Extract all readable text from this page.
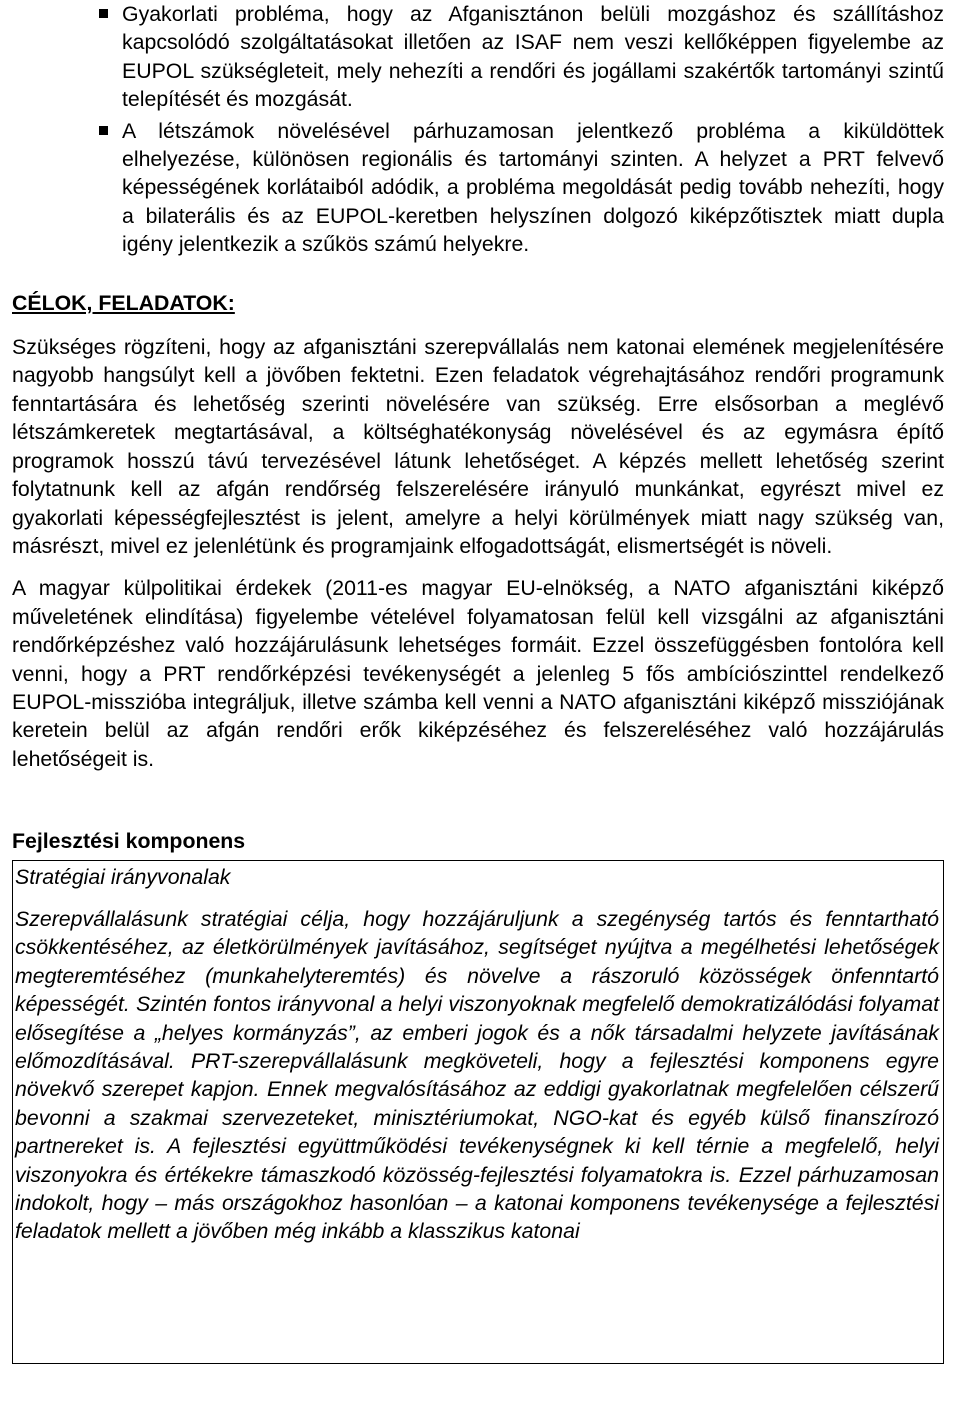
Gyakorlati probléma, hogy az Afganisztánon belüli mozgáshoz és szállításhoz kapcsolódó szolgáltatásokat illetően az ISAF nem veszi kellőképpen figyelembe az EUPOL szükségleteit, mely nehezíti a rendőri és jogállami szakértők tartományi szintű telepítését és mozgását.
A létszámok növelésével párhuzamosan jelentkező probléma a kiküldöttek elhelyezése, különösen regionális és tartományi szinten. A helyzet a PRT felvevő képességének korlátaiból adódik, a probléma megoldását pedig tovább nehezíti, hogy a bilaterális és az EUPOL-keretben helyszínen dolgozó kiképzőtisztek miatt dupla igény jelentkezik a szűkös számú helyekre.

CÉLOK, FELADATOK:

Szükséges rögzíteni, hogy az afganisztáni szerepvállalás nem katonai elemének megjelenítésére nagyobb hangsúlyt kell a jövőben fektetni. Ezen feladatok végrehajtásához rendőri programunk fenntartására és lehetőség szerinti növelésére van szükség. Erre elsősorban a meglévő létszámkeretek megtartásával, a költséghatékonyság növelésével és az egymásra építő programok hosszú távú tervezésével látunk lehetőséget. A képzés mellett lehetőség szerint folytatnunk kell az afgán rendőrség felszerelésére irányuló munkánkat, egyrészt mivel ez gyakorlati képességfejlesztést is jelent, amelyre a helyi körülmények miatt nagy szükség van, másrészt, mivel ez jelenlétünk és programjaink elfogadottságát, elismertségét is növeli.

A magyar külpolitikai érdekek (2011-es magyar EU-elnökség, a NATO afganisztáni kiképző műveletének elindítása) figyelembe vételével folyamatosan felül kell vizsgálni az afganisztáni rendőrképzéshez való hozzájárulásunk lehetséges formáit. Ezzel összefüggésben fontolóra kell venni, hogy a PRT rendőrképzési tevékenységét a jelenleg 5 fős ambíciószinttel rendelkező EUPOL-misszióba integráljuk, illetve számba kell venni a NATO afganisztáni kiképző missziójának keretein belül az afgán rendőri erők kiképzéséhez és felszereléséhez való hozzájárulás lehetőségeit is.

Fejlesztési komponens

Stratégiai irányvonalak

Szerepvállalásunk stratégiai célja, hogy hozzájáruljunk a szegénység tartós és fenntartható csökkentéséhez, az életkörülmények javításához, segítséget nyújtva a megélhetési lehetőségek megteremtéséhez (munkahelyteremtés) és növelve a rászoruló közösségek önfenntartó képességét. Szintén fontos irányvonal a helyi viszonyoknak megfelelő demokratizálódási folyamat elősegítése a „helyes kormányzás”, az emberi jogok és a nők társadalmi helyzete javításának előmozdításával. PRT-szerepvállalásunk megköveteli, hogy a fejlesztési komponens egyre növekvő szerepet kapjon. Ennek megvalósításához az eddigi gyakorlatnak megfelelően célszerű bevonni a szakmai szervezeteket, minisztériumokat, NGO-kat és egyéb külső finanszírozó partnereket is. A fejlesztési együttműködési tevékenységnek ki kell térnie a megfelelő, helyi viszonyokra és értékekre támaszkodó közösség-fejlesztési folyamatokra is. Ezzel párhuzamosan indokolt, hogy – más országokhoz hasonlóan – a katonai komponens tevékenysége a fejlesztési feladatok mellett a jövőben még inkább a klasszikus katonai
